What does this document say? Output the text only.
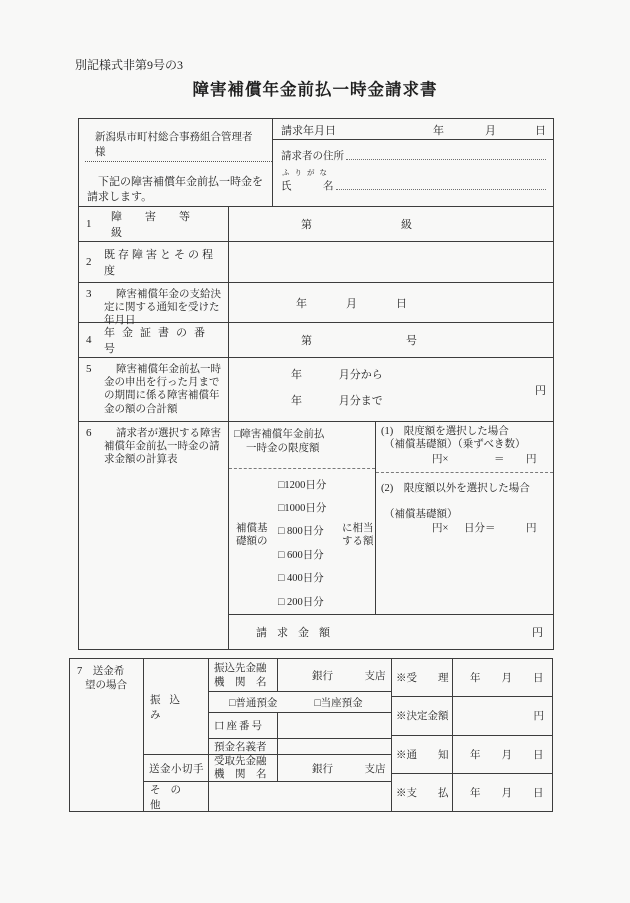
別記様式非第9号の3
障害補償年金前払一時金請求書
新潟県市町村総合事務組合管理者　様
下記の障害補償年金前払一時金を
請求します。
請求年月日	年	月	日
請求者の住所
ふりがな
氏　　　名
1
障害等級
第	級
2
既存障害とその程度
3	障害補償年金の支給決
定に関する通知を受けた
年月日
年	月	日
4
年金証書の番号
第	号
5	障害補償年金前払一時
金の申出を行った月まで
の期間に係る障害補償年
金の額の合計額
年	月分から
年	月分まで
円
6	請求者が選択する障害
補償年金前払一時金の請
求金額の計算表
□障害補償年金前払
一時金の限度額
補償基
礎額の
□1200日分
□1000日分
□ 800日分
□ 600日分
□ 400日分
□ 200日分
に相当
する額
(1)　限度額を選択した場合
（補償基礎額）（乗ずべき数）
円×	＝ 円
(2)　限度額以外を選択した場合
（補償基礎額）
円× 日分＝	円
請求金額	円
7　送金希
望の場合
振込み
振込先金融
機　関　名
銀行　　　支店
□普通預金	□当座預金
口座番号
預金名義者
送金小切手
受取先金融
機　関　名	銀行　　　支店
その他
※受　　理 年　　月　　日
※決定金額	円
※通　　知 年　　月　　日
※支　　払 年　　月　　日
